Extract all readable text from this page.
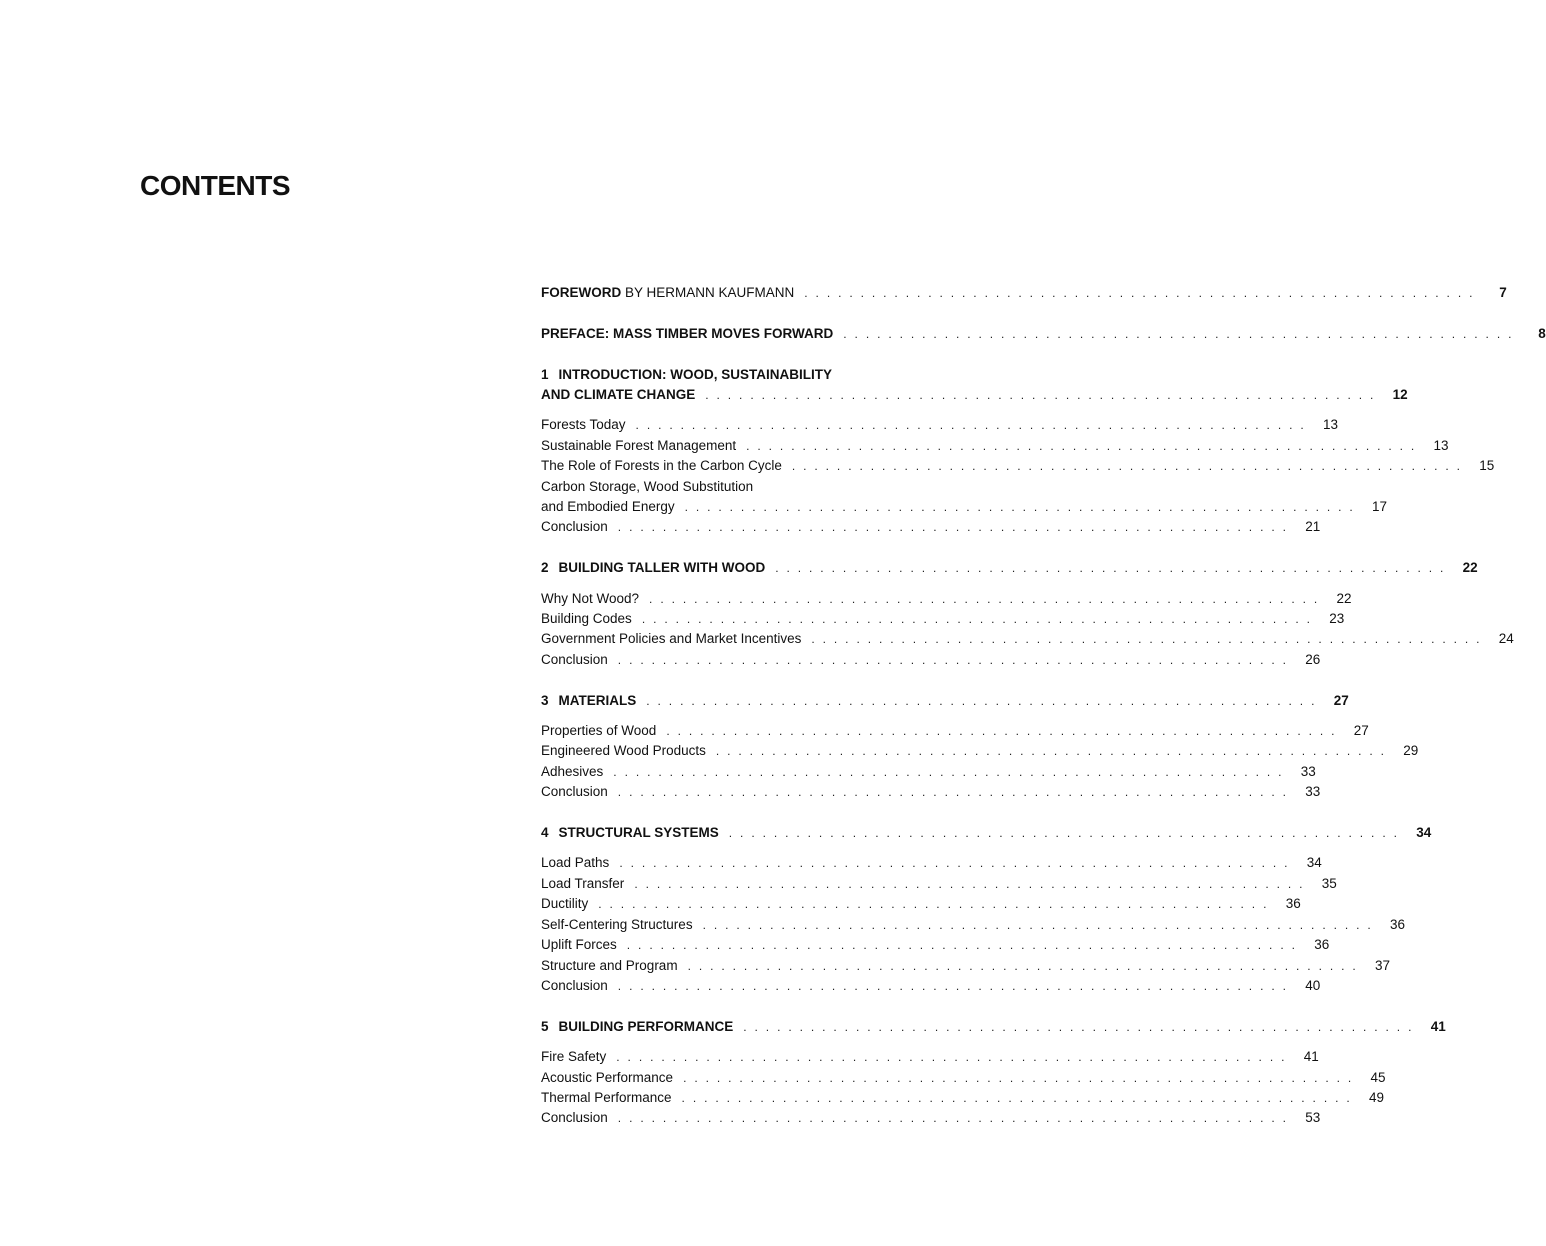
CONTENTS
FOREWORD BY HERMANN KAUFMANN . . . . . . . . . . . . . . . . . . . . . . . . . . . . . . . . . . . . . . . . . . . . . . . . . . . . . . . . . . . .	7
PREFACE: MASS TIMBER MOVES FORWARD . . . . . . . . . . . . . . . . . . . . . . . . . . . . . . . . . . . . . . . . . . . . . . . . . . . . . . . . . . . .	8
1 INTRODUCTION: WOOD, SUSTAINABILITY
AND CLIMATE CHANGE . . . . . . . . . . . . . . . . . . . . . . . . . . . . . . . . . . . . . . . . . . . . . . . . . . . . . . . . . . . .	12
Forests Today . . . . . . . . . . . . . . . . . . . . . . . . . . . . . . . . . . . . . . . . . . . . . . . . . . . . . . . . . . . .	13
Sustainable Forest Management . . . . . . . . . . . . . . . . . . . . . . . . . . . . . . . . . . . . . . . . . . . . . . . . . . . . . . . . . . . .	13
The Role of Forests in the Carbon Cycle . . . . . . . . . . . . . . . . . . . . . . . . . . . . . . . . . . . . . . . . . . . . . . . . . . . . . . . . . . . .	15
Carbon Storage, Wood Substitution
and Embodied Energy . . . . . . . . . . . . . . . . . . . . . . . . . . . . . . . . . . . . . . . . . . . . . . . . . . . . . . . . . . . .	17
Conclusion . . . . . . . . . . . . . . . . . . . . . . . . . . . . . . . . . . . . . . . . . . . . . . . . . . . . . . . . . . . .	21
2 BUILDING TALLER WITH WOOD . . . . . . . . . . . . . . . . . . . . . . . . . . . . . . . . . . . . . . . . . . . . . . . . . . . . . . . . . . . .	22
Why Not Wood? . . . . . . . . . . . . . . . . . . . . . . . . . . . . . . . . . . . . . . . . . . . . . . . . . . . . . . . . . . . .	22
Building Codes . . . . . . . . . . . . . . . . . . . . . . . . . . . . . . . . . . . . . . . . . . . . . . . . . . . . . . . . . . . .	23
Government Policies and Market Incentives . . . . . . . . . . . . . . . . . . . . . . . . . . . . . . . . . . . . . . . . . . . . . . . . . . . . . . . . . . . .	24
Conclusion . . . . . . . . . . . . . . . . . . . . . . . . . . . . . . . . . . . . . . . . . . . . . . . . . . . . . . . . . . . .	26
3 MATERIALS . . . . . . . . . . . . . . . . . . . . . . . . . . . . . . . . . . . . . . . . . . . . . . . . . . . . . . . . . . . .	27
Properties of Wood . . . . . . . . . . . . . . . . . . . . . . . . . . . . . . . . . . . . . . . . . . . . . . . . . . . . . . . . . . . .	27
Engineered Wood Products . . . . . . . . . . . . . . . . . . . . . . . . . . . . . . . . . . . . . . . . . . . . . . . . . . . . . . . . . . . .	29
Adhesives . . . . . . . . . . . . . . . . . . . . . . . . . . . . . . . . . . . . . . . . . . . . . . . . . . . . . . . . . . . .	33
Conclusion . . . . . . . . . . . . . . . . . . . . . . . . . . . . . . . . . . . . . . . . . . . . . . . . . . . . . . . . . . . .	33
4 STRUCTURAL SYSTEMS . . . . . . . . . . . . . . . . . . . . . . . . . . . . . . . . . . . . . . . . . . . . . . . . . . . . . . . . . . . .	34
Load Paths . . . . . . . . . . . . . . . . . . . . . . . . . . . . . . . . . . . . . . . . . . . . . . . . . . . . . . . . . . . .	34
Load Transfer . . . . . . . . . . . . . . . . . . . . . . . . . . . . . . . . . . . . . . . . . . . . . . . . . . . . . . . . . . . .	35
Ductility . . . . . . . . . . . . . . . . . . . . . . . . . . . . . . . . . . . . . . . . . . . . . . . . . . . . . . . . . . . .	36
Self-Centering Structures . . . . . . . . . . . . . . . . . . . . . . . . . . . . . . . . . . . . . . . . . . . . . . . . . . . . . . . . . . . .	36
Uplift Forces . . . . . . . . . . . . . . . . . . . . . . . . . . . . . . . . . . . . . . . . . . . . . . . . . . . . . . . . . . . .	36
Structure and Program . . . . . . . . . . . . . . . . . . . . . . . . . . . . . . . . . . . . . . . . . . . . . . . . . . . . . . . . . . . .	37
Conclusion . . . . . . . . . . . . . . . . . . . . . . . . . . . . . . . . . . . . . . . . . . . . . . . . . . . . . . . . . . . .	40
5 BUILDING PERFORMANCE . . . . . . . . . . . . . . . . . . . . . . . . . . . . . . . . . . . . . . . . . . . . . . . . . . . . . . . . . . . .	41
Fire Safety . . . . . . . . . . . . . . . . . . . . . . . . . . . . . . . . . . . . . . . . . . . . . . . . . . . . . . . . . . . .	41
Acoustic Performance . . . . . . . . . . . . . . . . . . . . . . . . . . . . . . . . . . . . . . . . . . . . . . . . . . . . . . . . . . . .	45
Thermal Performance . . . . . . . . . . . . . . . . . . . . . . . . . . . . . . . . . . . . . . . . . . . . . . . . . . . . . . . . . . . .	49
Conclusion . . . . . . . . . . . . . . . . . . . . . . . . . . . . . . . . . . . . . . . . . . . . . . . . . . . . . . . . . . . .	53
